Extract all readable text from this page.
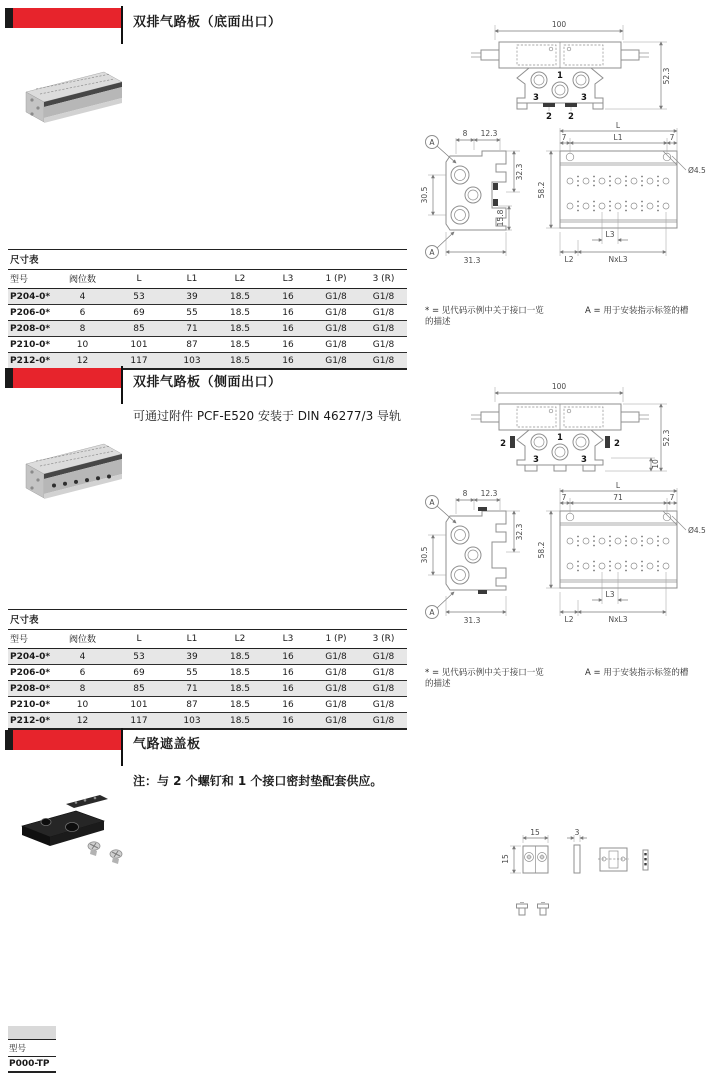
双排气路板（底面出口）	100
1
3	3
2 2
52.3
A
A
8 12.3
32.3
15.8
30.5
31.3
Ø4.5
L
7	L1	7
58.2
L3
L2	NxL3
尺寸表
型号	阀位数	L	L1	L2	L3	1 (P)	3 (R)
P204-0*	4	53	39	18.5	16	G1/8	G1/8
P206-0*	6	69	55	18.5	16	G1/8	G1/8
P208-0*	8	85	71	18.5	16	G1/8	G1/8
P210-0*	10	101	87	18.5	16	G1/8	G1/8
P212-0*	12	117	103	18.5	16	G1/8	G1/8
* = 见代码示例中关于接口一览
的描述
A = 用于安装指示标签的槽
双排气路板（侧面出口）
可通过附件 PCF-E520 安装于 DIN 46277/3 导轨
100
1
3	3
2	2	52.3
10
A
A
8 12.3
32.3
30.5
31.3
Ø4.5
L
7	71	7
58.2
L3
L2	NxL3
尺寸表
型号	阀位数	L	L1	L2	L3	1 (P)	3 (R)
P204-0*	4	53	39	18.5	16	G1/8	G1/8
P206-0*	6	69	55	18.5	16	G1/8	G1/8
P208-0*	8	85	71	18.5	16	G1/8	G1/8
P210-0*	10	101	87	18.5	16	G1/8	G1/8
P212-0*	12	117	103	18.5	16	G1/8	G1/8
* = 见代码示例中关于接口一览
的描述
A = 用于安装指示标签的槽
气路遮盖板
注：与 2 个螺钉和 1 个接口密封垫配套供应。
15
15
3
型号
P000-TP
